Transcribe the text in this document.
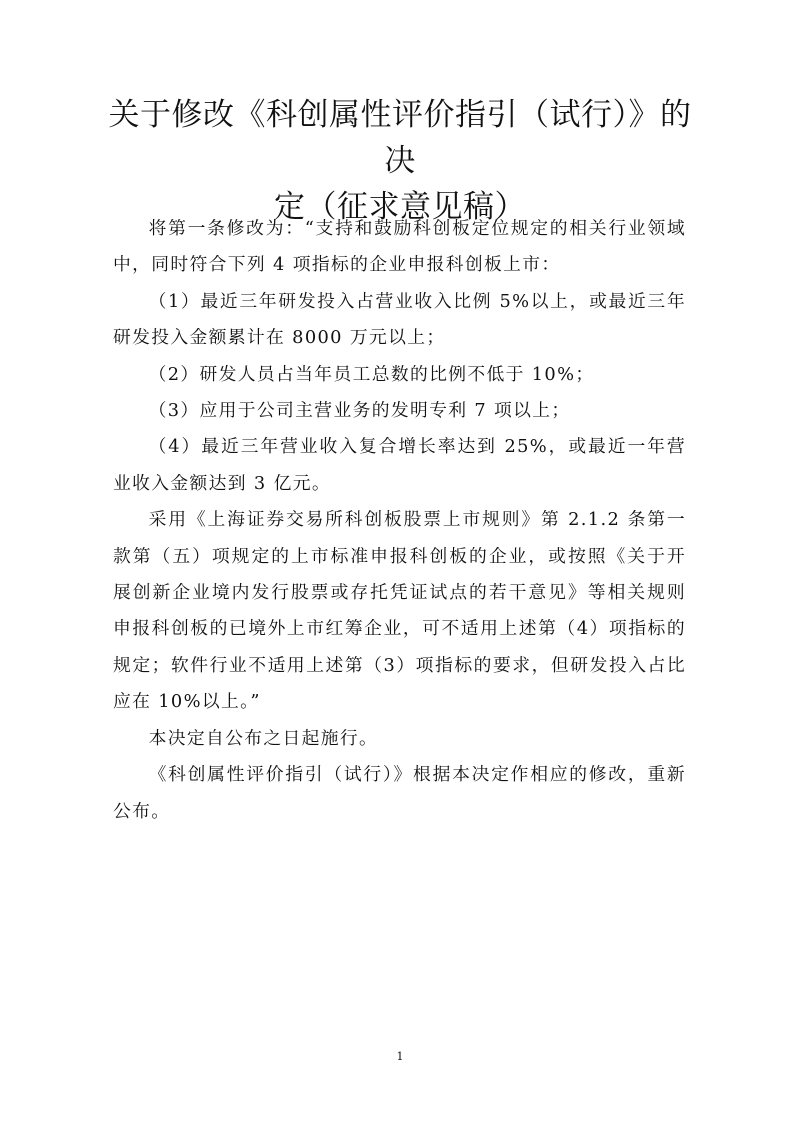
关于修改《科创属性评价指引（试行）》的决
定（征求意见稿）

将第一条修改为：“支持和鼓励科创板定位规定的相关行业领域中，同时符合下列 4 项指标的企业申报科创板上市：

（1）最近三年研发投入占营业收入比例 5%以上，或最近三年研发投入金额累计在 8000 万元以上；

（2）研发人员占当年员工总数的比例不低于 10%；

（3）应用于公司主营业务的发明专利 7 项以上；

（4）最近三年营业收入复合增长率达到 25%，或最近一年营业收入金额达到 3 亿元。

采用《上海证券交易所科创板股票上市规则》第 2.1.2 条第一款第（五）项规定的上市标准申报科创板的企业，或按照《关于开展创新企业境内发行股票或存托凭证试点的若干意见》等相关规则申报科创板的已境外上市红筹企业，可不适用上述第（4）项指标的规定；软件行业不适用上述第（3）项指标的要求，但研发投入占比应在 10%以上。”

本决定自公布之日起施行。

《科创属性评价指引（试行）》根据本决定作相应的修改，重新公布。

1
